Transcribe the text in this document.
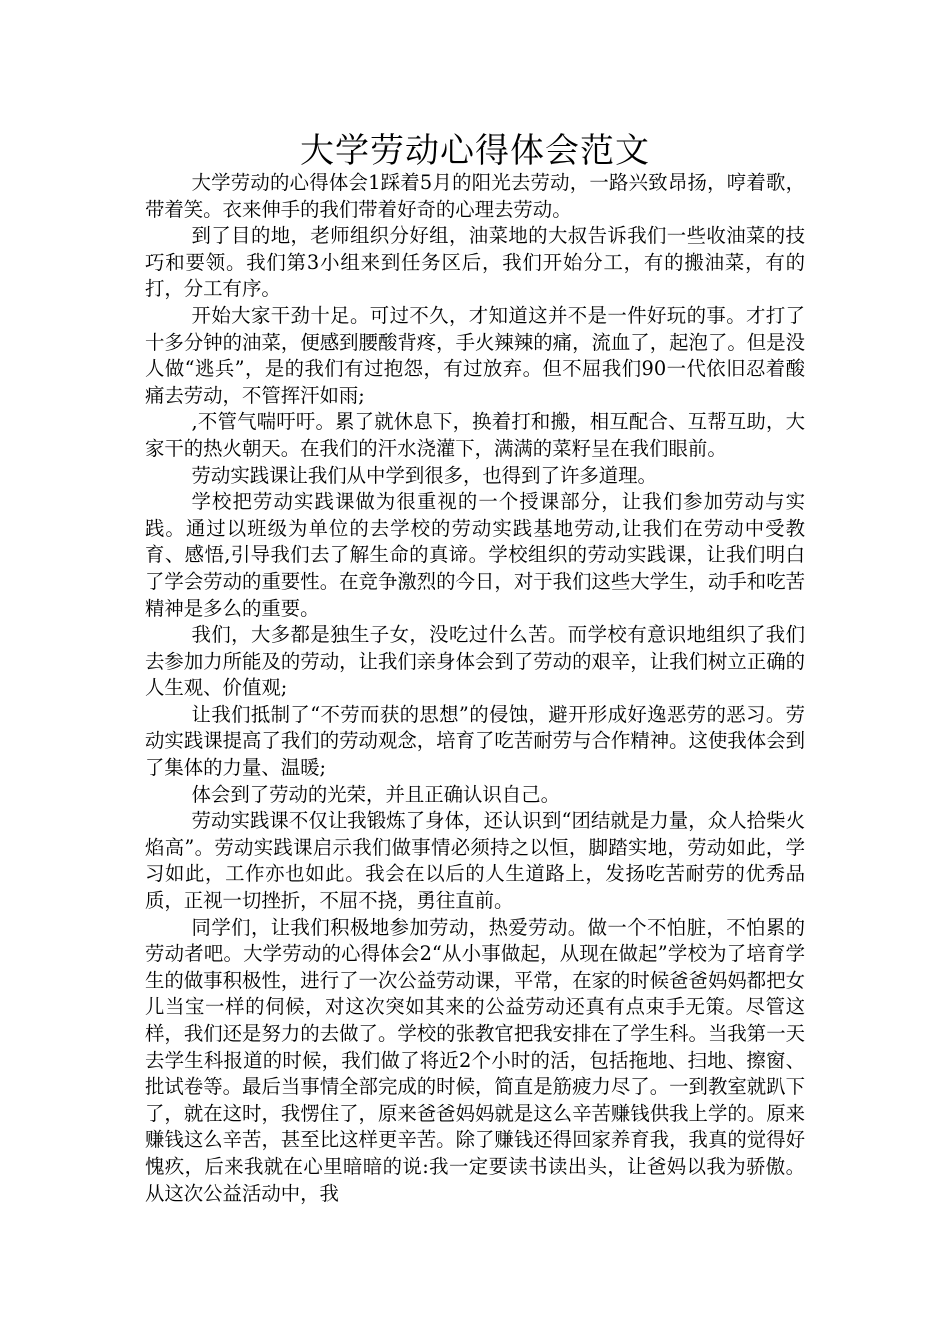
大学劳动心得体会范文

大学劳动的心得体会1踩着5月的阳光去劳动，一路兴致昂扬，哼着歌，带着笑。衣来伸手的我们带着好奇的心理去劳动。

到了目的地，老师组织分好组，油菜地的大叔告诉我们一些收油菜的技巧和要领。我们第3小组来到任务区后，我们开始分工，有的搬油菜，有的打，分工有序。

开始大家干劲十足。可过不久，才知道这并不是一件好玩的事。才打了十多分钟的油菜，便感到腰酸背疼，手火辣辣的痛，流血了，起泡了。但是没人做“逃兵”，是的我们有过抱怨，有过放弃。但不屈我们90一代依旧忍着酸痛去劳动，不管挥汗如雨;

,不管气喘吁吁。累了就休息下，换着打和搬，相互配合、互帮互助，大家干的热火朝天。在我们的汗水浇灌下，满满的菜籽呈在我们眼前。

劳动实践课让我们从中学到很多，也得到了许多道理。

学校把劳动实践课做为很重视的一个授课部分，让我们参加劳动与实践。通过以班级为单位的去学校的劳动实践基地劳动,让我们在劳动中受教育、感悟,引导我们去了解生命的真谛。学校组织的劳动实践课，让我们明白了学会劳动的重要性。在竞争激烈的今日，对于我们这些大学生，动手和吃苦精神是多么的重要。

我们，大多都是独生子女，没吃过什么苦。而学校有意识地组织了我们去参加力所能及的劳动，让我们亲身体会到了劳动的艰辛，让我们树立正确的人生观、价值观;

让我们抵制了“不劳而获的思想”的侵蚀，避开形成好逸恶劳的恶习。劳动实践课提高了我们的劳动观念，培育了吃苦耐劳与合作精神。这使我体会到了集体的力量、温暖;

体会到了劳动的光荣，并且正确认识自己。

劳动实践课不仅让我锻炼了身体，还认识到“团结就是力量，众人拾柴火焰高”。劳动实践课启示我们做事情必须持之以恒，脚踏实地，劳动如此，学习如此，工作亦也如此。我会在以后的人生道路上，发扬吃苦耐劳的优秀品质，正视一切挫折，不屈不挠，勇往直前。

同学们，让我们积极地参加劳动，热爱劳动。做一个不怕脏，不怕累的劳动者吧。大学劳动的心得体会2“从小事做起，从现在做起”学校为了培育学生的做事积极性，进行了一次公益劳动课，平常，在家的时候爸爸妈妈都把女儿当宝一样的伺候，对这次突如其来的公益劳动还真有点束手无策。尽管这样，我们还是努力的去做了。学校的张教官把我安排在了学生科。当我第一天去学生科报道的时候，我们做了将近2个小时的活，包括拖地、扫地、擦窗、批试卷等。最后当事情全部完成的时候，简直是筋疲力尽了。一到教室就趴下了，就在这时，我愣住了，原来爸爸妈妈就是这么辛苦赚钱供我上学的。原来赚钱这么辛苦，甚至比这样更辛苦。除了赚钱还得回家养育我，我真的觉得好愧疚，后来我就在心里暗暗的说:我一定要读书读出头，让爸妈以我为骄傲。从这次公益活动中，我
